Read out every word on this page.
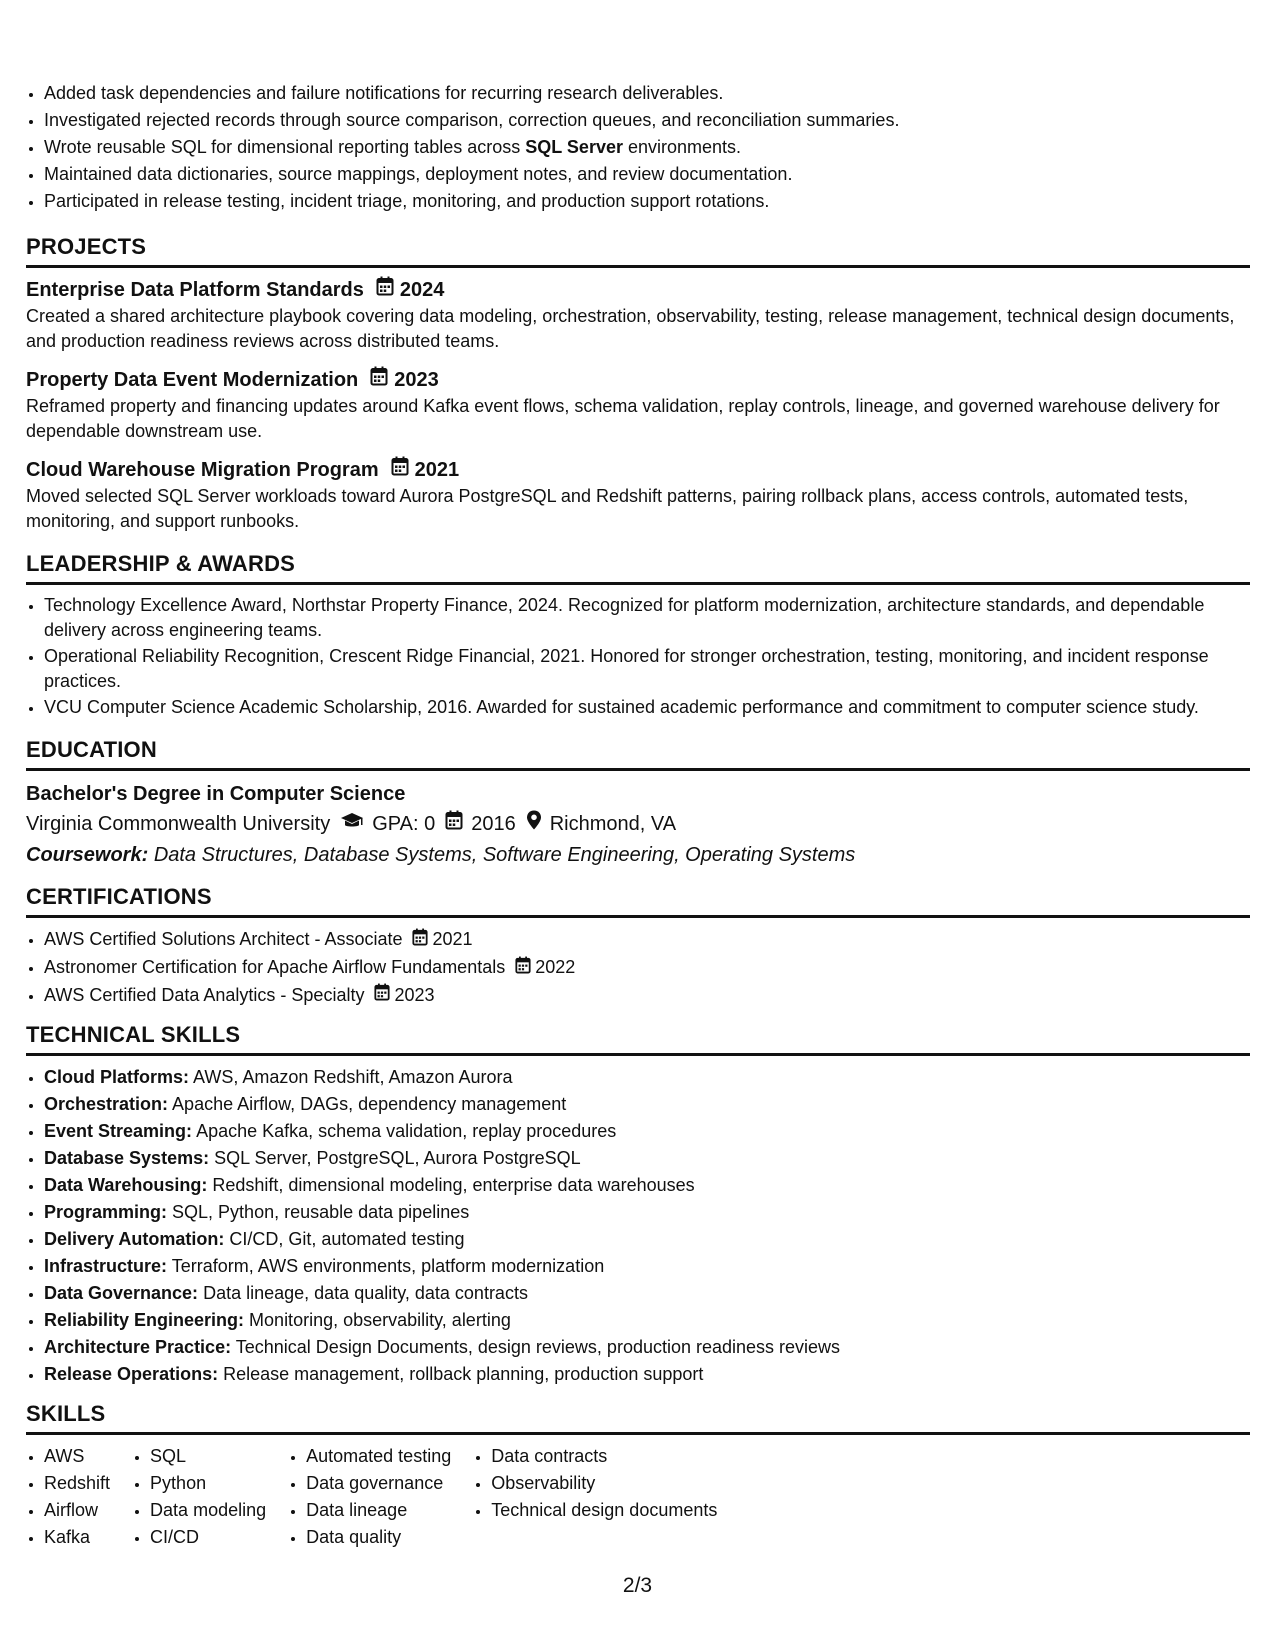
• Added task dependencies and failure notifications for recurring research deliverables.
• Investigated rejected records through source comparison, correction queues, and reconciliation summaries.
• Wrote reusable SQL for dimensional reporting tables across SQL Server environments.
• Maintained data dictionaries, source mappings, deployment notes, and review documentation.
• Participated in release testing, incident triage, monitoring, and production support rotations.
PROJECTS
Enterprise Data Platform Standards 2024
Created a shared architecture playbook covering data modeling, orchestration, observability, testing, release management, technical design documents, and production readiness reviews across distributed teams.
Property Data Event Modernization 2023
Reframed property and financing updates around Kafka event flows, schema validation, replay controls, lineage, and governed warehouse delivery for dependable downstream use.
Cloud Warehouse Migration Program 2021
Moved selected SQL Server workloads toward Aurora PostgreSQL and Redshift patterns, pairing rollback plans, access controls, automated tests, monitoring, and support runbooks.
LEADERSHIP & AWARDS
• Technology Excellence Award, Northstar Property Finance, 2024. Recognized for platform modernization, architecture standards, and dependable delivery across engineering teams.
• Operational Reliability Recognition, Crescent Ridge Financial, 2021. Honored for stronger orchestration, testing, monitoring, and incident response practices.
• VCU Computer Science Academic Scholarship, 2016. Awarded for sustained academic performance and commitment to computer science study.
EDUCATION
Bachelor's Degree in Computer Science
Virginia Commonwealth University GPA: 0 2016 Richmond, VA
Coursework: Data Structures, Database Systems, Software Engineering, Operating Systems
CERTIFICATIONS
• AWS Certified Solutions Architect - Associate 2021
• Astronomer Certification for Apache Airflow Fundamentals 2022
• AWS Certified Data Analytics - Specialty 2023
TECHNICAL SKILLS
• Cloud Platforms: AWS, Amazon Redshift, Amazon Aurora
• Orchestration: Apache Airflow, DAGs, dependency management
• Event Streaming: Apache Kafka, schema validation, replay procedures
• Database Systems: SQL Server, PostgreSQL, Aurora PostgreSQL
• Data Warehousing: Redshift, dimensional modeling, enterprise data warehouses
• Programming: SQL, Python, reusable data pipelines
• Delivery Automation: CI/CD, Git, automated testing
• Infrastructure: Terraform, AWS environments, platform modernization
• Data Governance: Data lineage, data quality, data contracts
• Reliability Engineering: Monitoring, observability, alerting
• Architecture Practice: Technical Design Documents, design reviews, production readiness reviews
• Release Operations: Release management, rollback planning, production support
SKILLS
• AWS
• Redshift
• Airflow
• Kafka
• SQL
• Python
• Data modeling
• CI/CD
• Automated testing
• Data governance
• Data lineage
• Data quality
• Data contracts
• Observability
• Technical design documents
2/3
